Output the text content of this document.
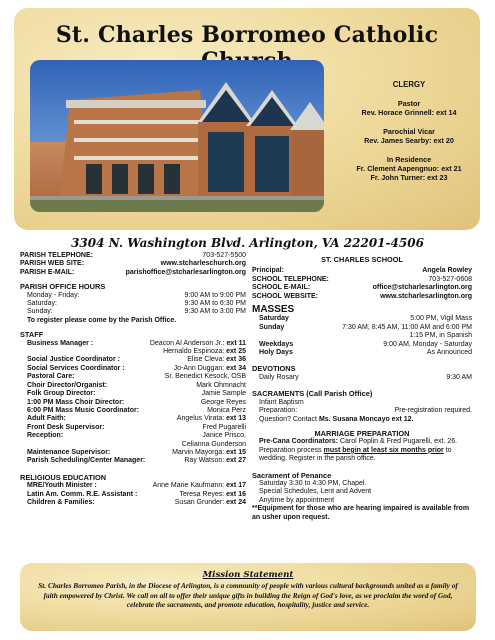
St. Charles Borromeo Catholic
CLERGY
Pastor
Rev. Horace Grinnell: ext 14
Parochial Vicar
Rev. James Searby: ext 20
In Residence
Fr. Clement Aapengnuo: ext 21
Fr. John Turner: ext 23
3304 N. Washington Blvd. Arlington, VA 22201-4506
PARISH TELEPHONE:	703-527-5500
PARISH WEB SITE:	www.stcharleschurch.org
PARISH E-MAIL:	parishoffice@stcharlesarlington.org
PARISH OFFICE HOURS
Monday - Friday:	9:00 AM to 9:00 PM
Saturday:	9:30 AM to 6:30 PM
Sunday:	9:30 AM to 3:00 PM
To register please come by the Parish Office.
STAFF
Business Manager :	Deacon Al Anderson Jr.: ext 11
Hernaldo Espinoza: ext 25
Social Justice Coordinator :	Elise Cleva: ext 36
Social Services Coordinator :	Jo-Ann Duggan: ext 34
Pastoral Care:	Sr. Benedict Kesock, OSB
Choir Director/Organist:	Mark Ohmnacht
Folk Group Director:	Jamie Sample
1:00 PM Mass Choir Director:	George Reyes
6:00 PM Mass Music Coordinator:	Monica Perz
Adult Faith:	Angelus Virata: ext 13
Front Desk Supervisor:	Fred Pugarelli
Reception:	Janice Prisco,
Celianna Gunderson
Maintenance Supervisor:	Marvin Mayorga: ext 15
Parish Scheduling/Center Manager:	Ray Watson: ext 27
RELIGIOUS EDUCATION
MRE/Youth Minister :	Anne Marie Kaufmann: ext 17
Latin Am. Comm. R.E. Assistant :	Teresa Reyes: ext 16
Children & Families:	Susan Grunder: ext 24
ST. CHARLES SCHOOL
Principal:	Angela Rowley
SCHOOL TELEPHONE:	703-527-0608
SCHOOL E-MAIL:	office@stcharlesarlington.org
SCHOOL WEBSITE:	www.stcharlesarlington.org
MASSES
Saturday	5:00 PM, Vigil Mass
Sunday	7:30 AM, 8:45 AM, 11:00 AM and 6:00 PM
1:15 PM, in Spanish
Weekdays	9:00 AM, Monday - Saturday
Holy Days	As Announced
DEVOTIONS
Daily Rosary	9:30 AM
SACRAMENTS (Call Parish Office)
Infant Baptism
Preparation:	Pre-registration required.
Question? Contact Ms. Susana Moncayo ext 12.
MARRIAGE PREPARATION
Pre-Cana Coordinators: Carol Poplin & Fred Pugarelli, ext. 26.
Preparation process must begin at least six months prior to wedding. Register in the parish office.
Sacrament of Penance
Saturday 3:30 to 4:30 PM, Chapel.
Special Schedules, Lent and Advent
Anytime by appointment
**Equipment for those who are hearing impaired is available from an usher upon request.
Mission Statement
St. Charles Borromeo Parish, in the Diocese of Arlington, is a community of people with various cultural backgrounds united as a family of faith empowered by Christ. We call on all to offer their unique gifts in building the Reign of God's love, as we proclaim the word of God, celebrate the sacraments, and promote education, hospitality, justice and service.
